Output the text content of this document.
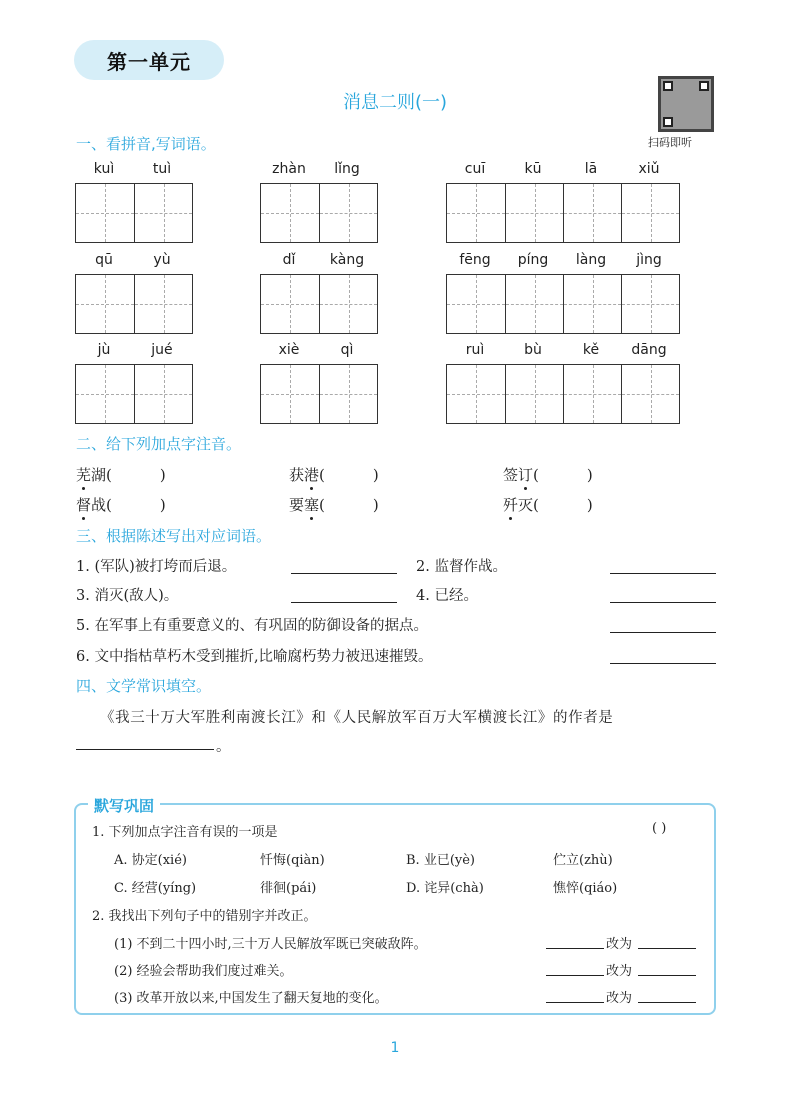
第一单元
消息二则(一)
扫码即听
一、看拼音,写词语。
kuì	tuì	zhàn	lǐng	cuī	kū	lā	xiǔ
qū	yù	dǐ	kàng	fēng	píng	làng	jìng
jù	jué	xiè	qì	ruì	bù	kě	dāng
二、给下列加点字注音。
芜湖(	)	获港(	)	签订(	)
督战(	)	要塞(	)	歼灭(	)
三、根据陈述写出对应词语。
1. (军队)被打垮而后退。	2. 监督作战。
3. 消灭(敌人)。	4. 已经。
5. 在军事上有重要意义的、有巩固的防御设备的据点。
6. 文中指枯草朽木受到摧折,比喻腐朽势力被迅速摧毁。
四、文学常识填空。
《我三十万大军胜利南渡长江》和《人民解放军百万大军横渡长江》的作者是
。
默写巩固
1. 下列加点字注音有误的一项是	( )
A. 协定(xié)	忏悔(qiàn)	B. 业已(yè)	伫立(zhù)
C. 经营(yíng)	徘徊(pái)	D. 诧异(chà)	憔悴(qiáo)
2. 我找出下列句子中的错别字并改正。
(1) 不到二十四小时,三十万人民解放军既已突破敌阵。	改为
(2) 经验会帮助我们度过难关。	改为
(3) 改革开放以来,中国发生了翻天复地的变化。	改为
1
